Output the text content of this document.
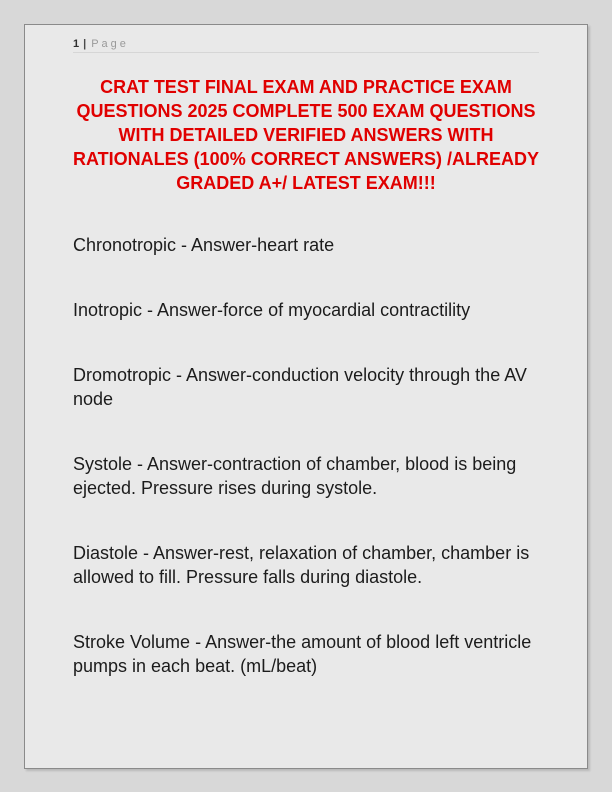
1 | Page
CRAT TEST FINAL EXAM AND PRACTICE EXAM
QUESTIONS 2025 COMPLETE 500 EXAM QUESTIONS
WITH DETAILED VERIFIED ANSWERS WITH
RATIONALES (100% CORRECT ANSWERS) /ALREADY
GRADED A+/ LATEST EXAM!!!
Chronotropic - Answer-heart rate
Inotropic - Answer-force of myocardial contractility
Dromotropic - Answer-conduction velocity through the AV
node
Systole - Answer-contraction of chamber, blood is being
ejected. Pressure rises during systole.
Diastole - Answer-rest, relaxation of chamber, chamber is
allowed to fill. Pressure falls during diastole.
Stroke Volume - Answer-the amount of blood left ventricle
pumps in each beat. (mL/beat)
